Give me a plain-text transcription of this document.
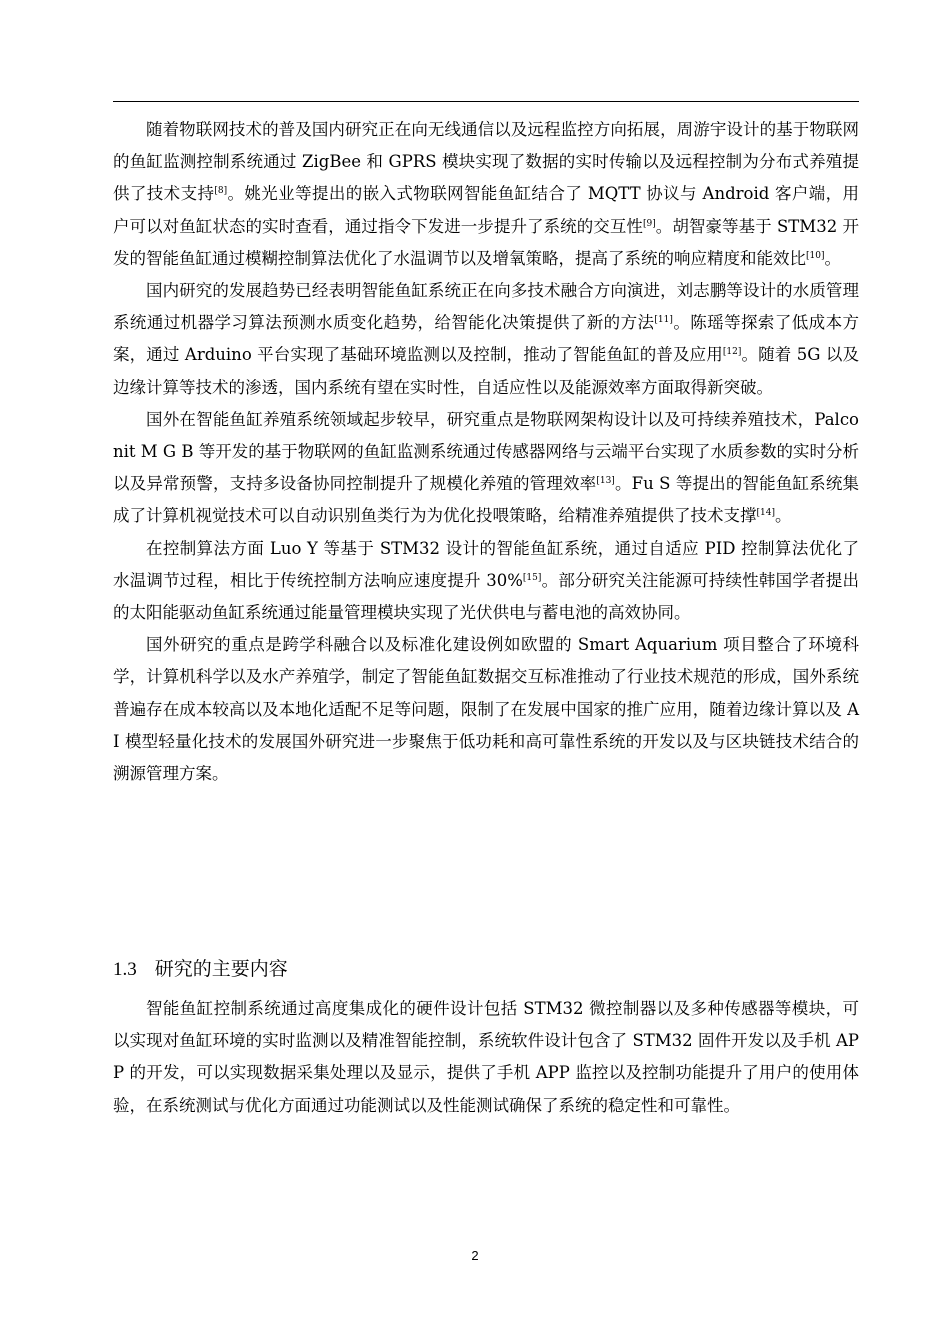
随着物联网技术的普及国内研究正在向无线通信以及远程监控方向拓展，周游宇设计的基于物联网的鱼缸监测控制系统通过 ZigBee 和 GPRS 模块实现了数据的实时传输以及远程控制为分布式养殖提供了技术支持[8]。姚光业等提出的嵌入式物联网智能鱼缸结合了 MQTT 协议与 Android 客户端，用户可以对鱼缸状态的实时查看，通过指令下发进一步提升了系统的交互性[9]。胡智豪等基于 STM32 开发的智能鱼缸通过模糊控制算法优化了水温调节以及增氧策略，提高了系统的响应精度和能效比[10]。

国内研究的发展趋势已经表明智能鱼缸系统正在向多技术融合方向演进，刘志鹏等设计的水质管理系统通过机器学习算法预测水质变化趋势，给智能化决策提供了新的方法[11]。陈瑶等探索了低成本方案，通过 Arduino 平台实现了基础环境监测以及控制，推动了智能鱼缸的普及应用[12]。随着 5G 以及边缘计算等技术的渗透，国内系统有望在实时性，自适应性以及能源效率方面取得新突破。

国外在智能鱼缸养殖系统领域起步较早，研究重点是物联网架构设计以及可持续养殖技术，Palconit M G B 等开发的基于物联网的鱼缸监测系统通过传感器网络与云端平台实现了水质参数的实时分析以及异常预警，支持多设备协同控制提升了规模化养殖的管理效率[13]。Fu S 等提出的智能鱼缸系统集成了计算机视觉技术可以自动识别鱼类行为为优化投喂策略，给精准养殖提供了技术支撑[14]。

在控制算法方面 Luo Y 等基于 STM32 设计的智能鱼缸系统，通过自适应 PID 控制算法优化了水温调节过程，相比于传统控制方法响应速度提升 30%[15]。部分研究关注能源可持续性韩国学者提出的太阳能驱动鱼缸系统通过能量管理模块实现了光伏供电与蓄电池的高效协同。

国外研究的重点是跨学科融合以及标准化建设例如欧盟的 Smart Aquarium 项目整合了环境科学，计算机科学以及水产养殖学，制定了智能鱼缸数据交互标准推动了行业技术规范的形成，国外系统普遍存在成本较高以及本地化适配不足等问题，限制了在发展中国家的推广应用，随着边缘计算以及 AI 模型轻量化技术的发展国外研究进一步聚焦于低功耗和高可靠性系统的开发以及与区块链技术结合的溯源管理方案。

1.3 研究的主要内容

智能鱼缸控制系统通过高度集成化的硬件设计包括 STM32 微控制器以及多种传感器等模块，可以实现对鱼缸环境的实时监测以及精准智能控制，系统软件设计包含了 STM32 固件开发以及手机 APP 的开发，可以实现数据采集处理以及显示，提供了手机 APP 监控以及控制功能提升了用户的使用体验，在系统测试与优化方面通过功能测试以及性能测试确保了系统的稳定性和可靠性。

2
